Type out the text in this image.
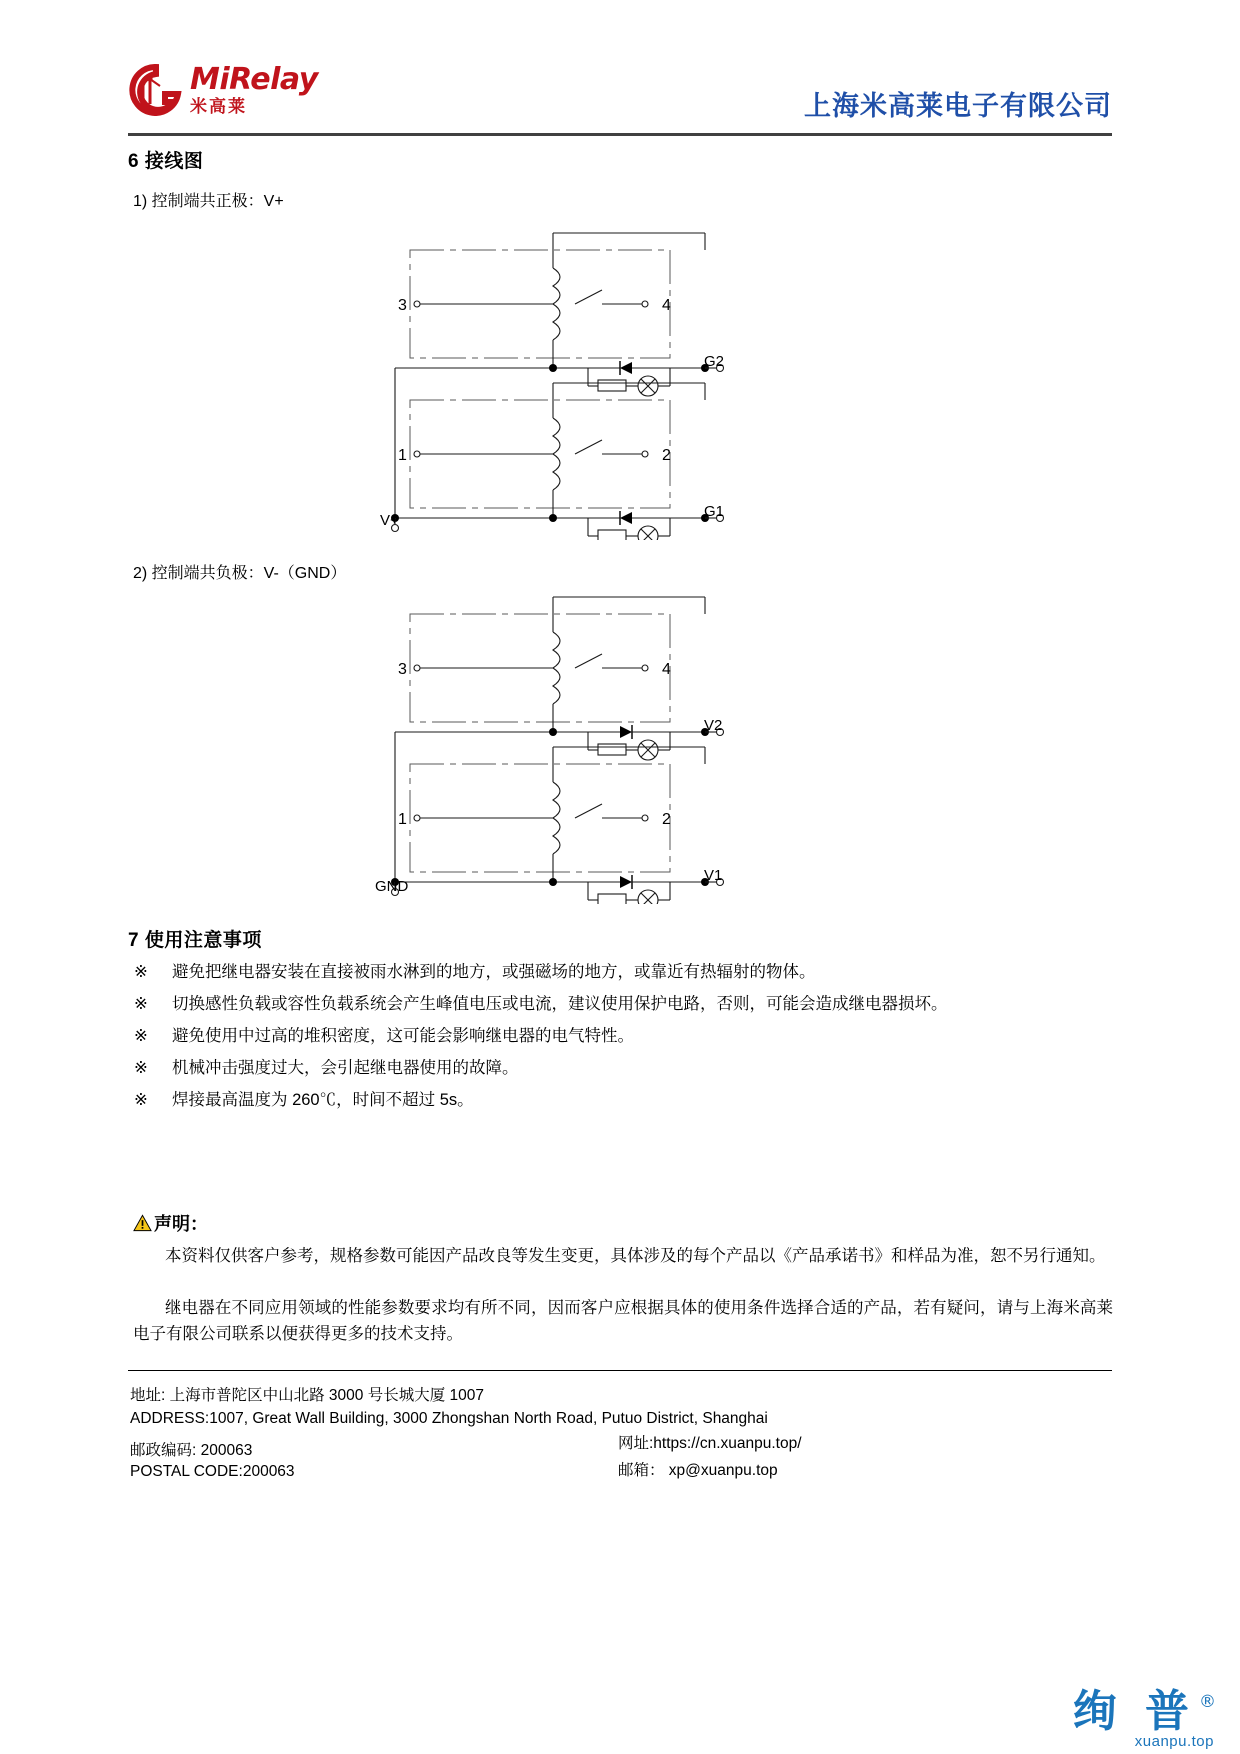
MiRelay
米高莱	上海米高莱电子有限公司
6 接线图
1) 控制端共正极：V+
3	4
1	2
G2
G1
V+
2) 控制端共负极：V-（GND）
3	4
1	2
V2
V1
GND
7 使用注意事项
※ 避免把继电器安装在直接被雨水淋到的地方，或强磁场的地方，或靠近有热辐射的物体。
※ 切换感性负载或容性负载系统会产生峰值电压或电流，建议使用保护电路，否则，可能会造成继电器损坏。
※ 避免使用中过高的堆积密度，这可能会影响继电器的电气特性。
※ 机械冲击强度过大，会引起继电器使用的故障。
※ 焊接最高温度为 260℃，时间不超过 5s。
声明：
本资料仅供客户参考，规格参数可能因产品改良等发生变更，具体涉及的每个产品以《产品承诺书》和样品为准，恕不另行通知。
继电器在不同应用领域的性能参数要求均有所不同，因而客户应根据具体的使用条件选择合适的产品，若有疑问，请与上海米高莱电子有限公司联系以便获得更多的技术支持。
地址: 上海市普陀区中山北路 3000 号长城大厦 1007
ADDRESS:1007, Great Wall Building, 3000 Zhongshan North Road, Putuo District, Shanghai
邮政编码: 200063
POSTAL CODE:200063
网址:https://cn.xuanpu.top/
邮箱： xp@xuanpu.top
绚 普 ®
xuanpu.top
